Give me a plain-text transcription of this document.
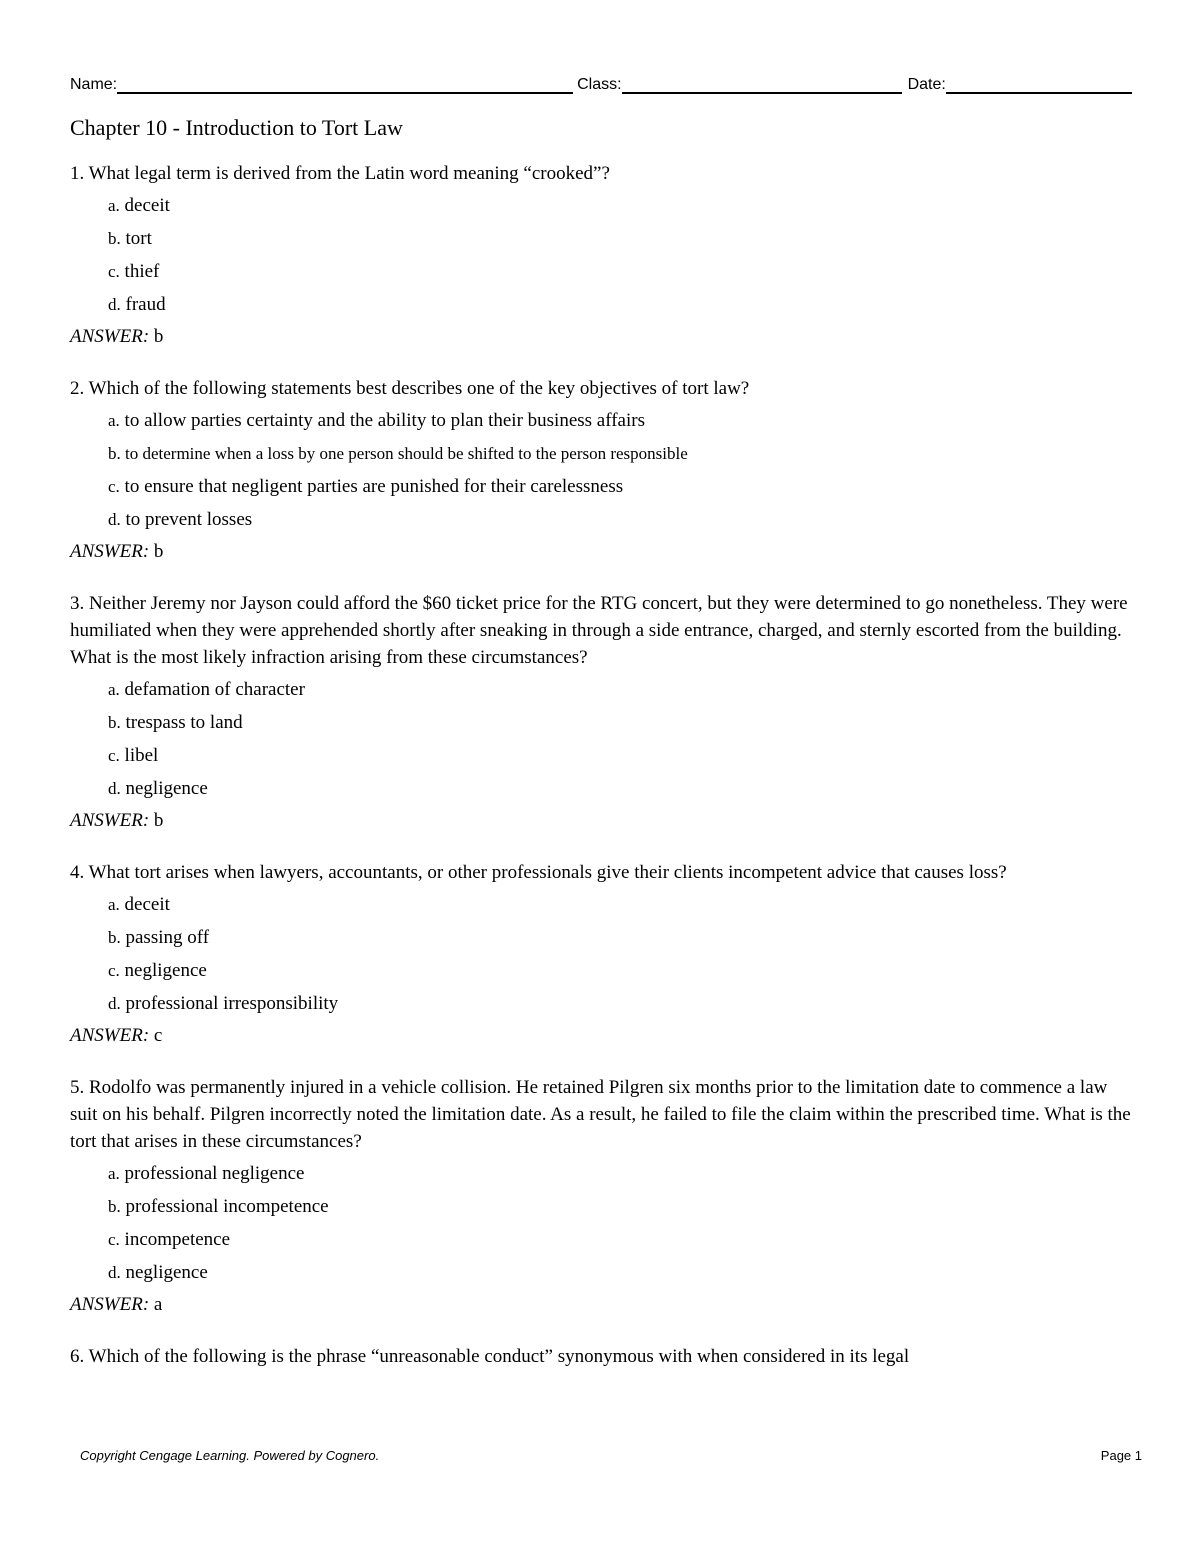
Name:	Class:	Date:
Chapter 10 - Introduction to Tort Law
1. What legal term is derived from the Latin word meaning “crooked”?
a. deceit
b. tort
c. thief
d. fraud
ANSWER: b
2. Which of the following statements best describes one of the key objectives of tort law?
a. to allow parties certainty and the ability to plan their business affairs
b. to determine when a loss by one person should be shifted to the person responsible
c. to ensure that negligent parties are punished for their carelessness
d. to prevent losses
ANSWER: b
3. Neither Jeremy nor Jayson could afford the $60 ticket price for the RTG concert, but they were determined to go nonetheless. They were humiliated when they were apprehended shortly after sneaking in through a side entrance, charged, and sternly escorted from the building. What is the most likely infraction arising from these circumstances?
a. defamation of character
b. trespass to land
c. libel
d. negligence
ANSWER: b
4. What tort arises when lawyers, accountants, or other professionals give their clients incompetent advice that causes loss?
a. deceit
b. passing off
c. negligence
d. professional irresponsibility
ANSWER: c
5. Rodolfo was permanently injured in a vehicle collision. He retained Pilgren six months prior to the limitation date to commence a law suit on his behalf. Pilgren incorrectly noted the limitation date. As a result, he failed to file the claim within the prescribed time. What is the tort that arises in these circumstances?
a. professional negligence
b. professional incompetence
c. incompetence
d. negligence
ANSWER: a
6. Which of the following is the phrase “unreasonable conduct” synonymous with when considered in its legal
Copyright Cengage Learning. Powered by Cognero.	Page 1
